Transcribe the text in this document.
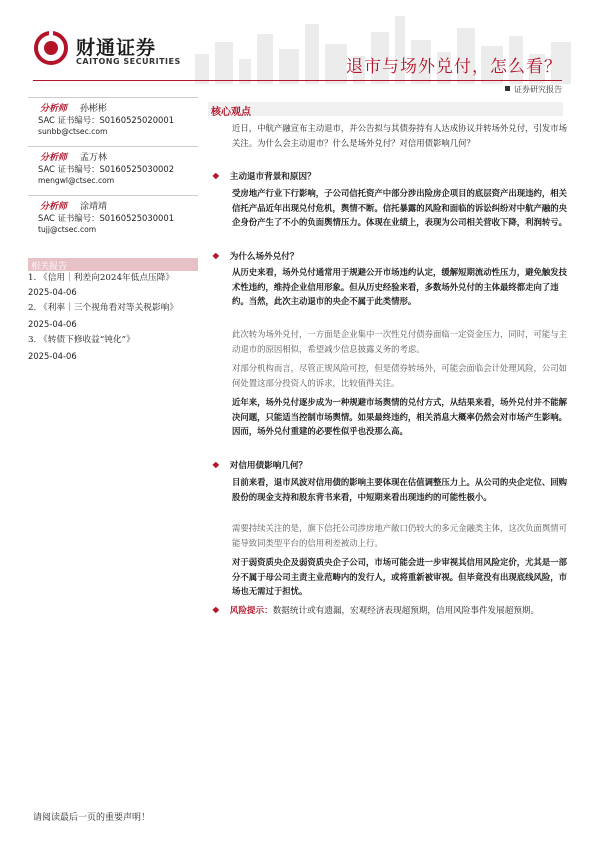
财通证券
CAITONG SECURITIES	退市与场外兑付，怎么看？
证券研究报告
分析师 孙彬彬
SAC 证书编号：S0160525020001
sunbb@ctsec.com
分析师 孟万林
SAC 证书编号：S0160525030002
mengwl@ctsec.com
分析师 涂靖靖
SAC 证书编号：S0160525030001
tujj@ctsec.com
相关报告
1. 《信用｜利差向2024年低点压降》
2025-04-06
2. 《利率｜三个视角看对等关税影响》
2025-04-06
3. 《转债下修收益“钝化”》
2025-04-06
核心观点
近日，中航产融宣布主动退市，并公告拟与其债券持有人达成协议并转场外兑付，引发市场关注。为什么会主动退市？什么是场外兑付？对信用债影响几何？
❖ 主动退市背景和原因？
受房地产行业下行影响，子公司信托资产中部分涉出险房企项目的底层资产出现违约，相关信托产品近年出现兑付危机，舆情不断。信托暴露的风险和面临的诉讼纠纷对中航产融的央企身份产生了不小的负面舆情压力。体现在业绩上，表现为公司相关营收下降，利润转亏。
❖ 为什么场外兑付？
从历史来看，场外兑付通常用于规避公开市场违约认定，缓解短期流动性压力，避免触发技术性违约，维持企业信用形象。但从历史经验来看，多数场外兑付的主体最终都走向了违约。当然，此次主动退市的央企不属于此类情形。
此次转为场外兑付，一方面是企业集中一次性兑付债券面临一定资金压力，同时，可能与主动退市的原因相似，希望减少信息披露义务的考虑。
对部分机构而言，尽管正规风险可控，但是债券转场外，可能会面临会计处理风险，公司如何处置这部分投资人的诉求，比较值得关注。
近年来，场外兑付逐步成为一种规避市场舆情的兑付方式，从结果来看，场外兑付并不能解决问题，只能适当控制市场舆情。如果最终违约，相关消息大概率仍然会对市场产生影响。因而，场外兑付重建的必要性似乎也没那么高。
❖ 对信用债影响几何？
目前来看，退市风波对信用债的影响主要体现在估值调整压力上。从公司的央企定位、回购股份的现金支持和股东背书来看，中短期来看出现违约的可能性极小。
需要持续关注的是，旗下信托公司涉房地产敞口仍较大的多元金融类主体，这次负面舆情可能导致同类型平台的信用利差被动上行。
对于弱资质央企及弱资质央企子公司，市场可能会进一步审视其信用风险定价，尤其是一部分不属于母公司主责主业范畴内的发行人，或将重新被审视。但毕竟没有出现底线风险，市场也无需过于担忧。
❖ 风险提示：数据统计或有遗漏，宏观经济表现超预期，信用风险事件发展超预期。
请阅读最后一页的重要声明！
